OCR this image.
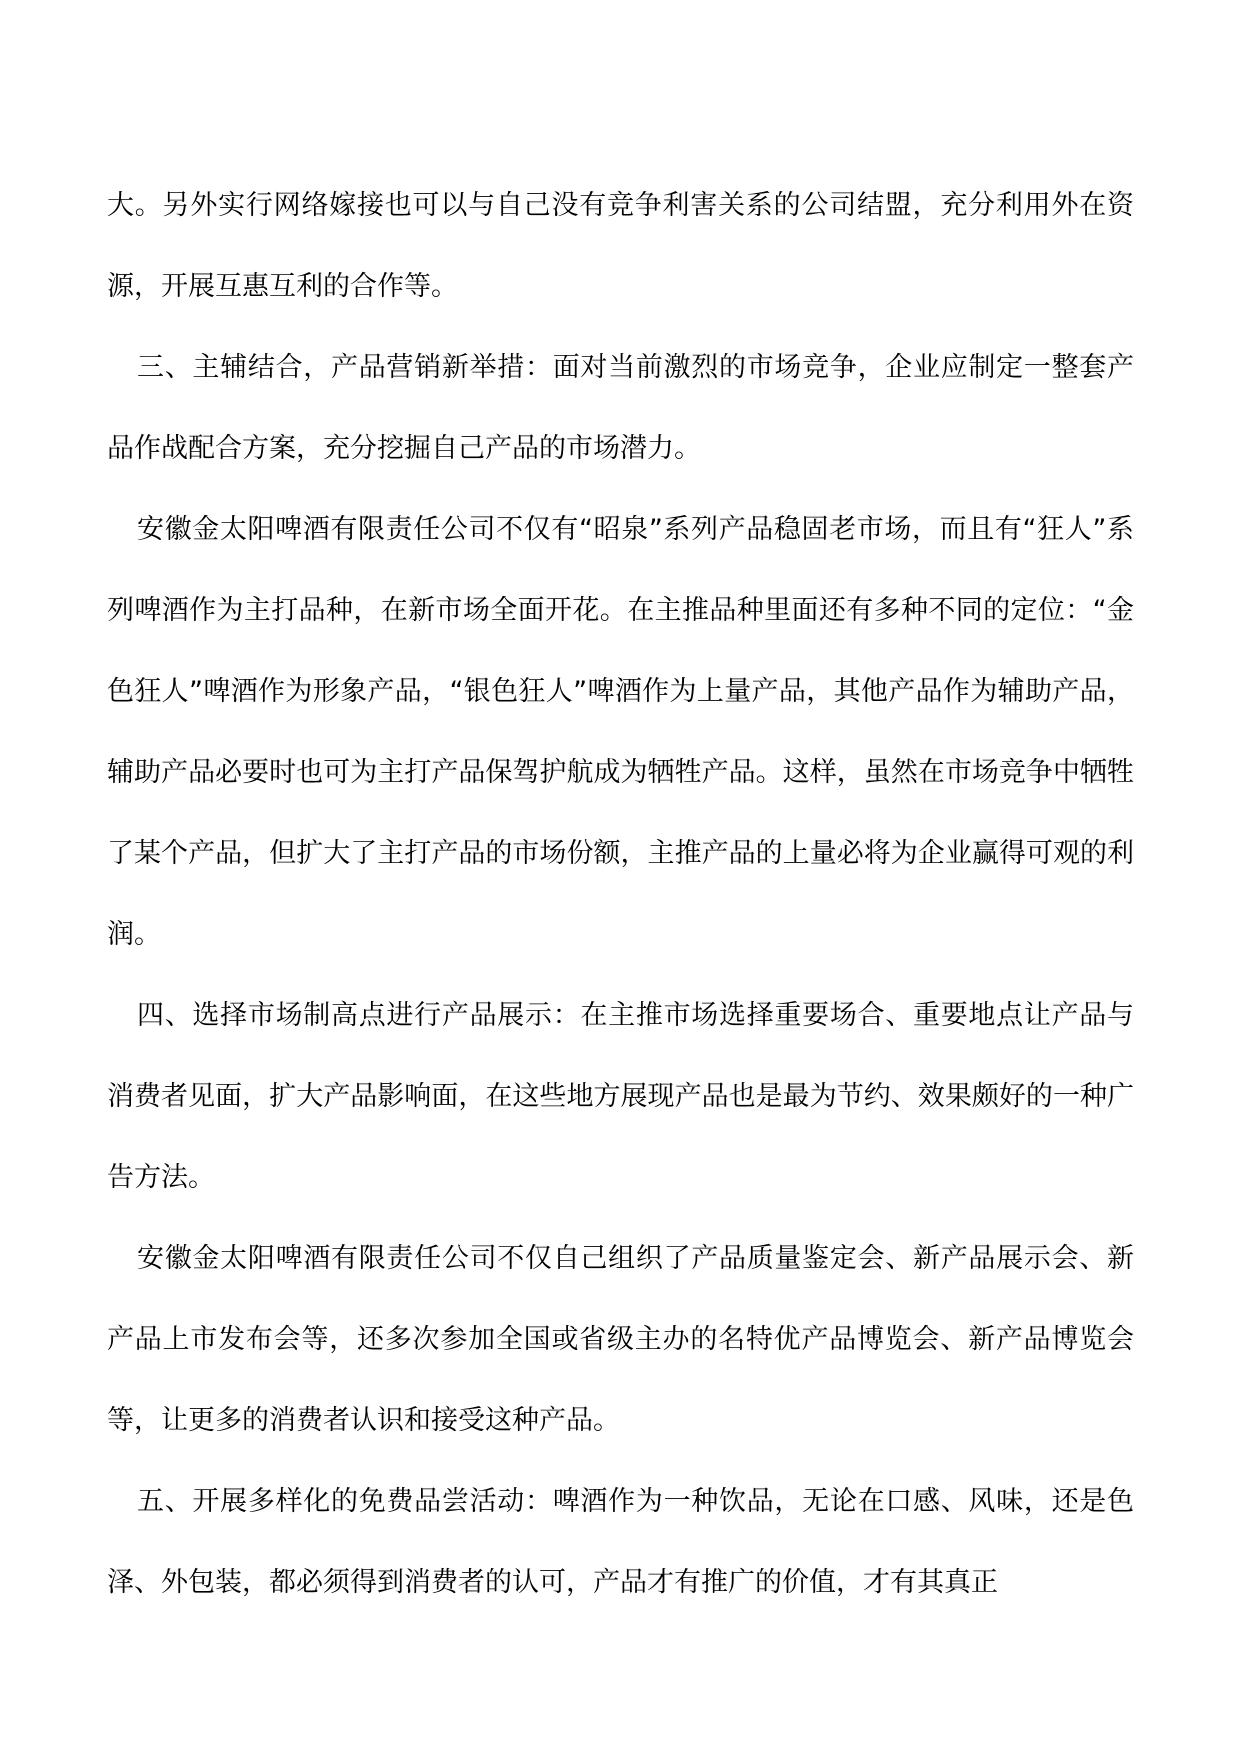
大。另外实行网络嫁接也可以与自己没有竞争利害关系的公司结盟，充分利用外在资源，开展互惠互利的合作等。

三、主辅结合，产品营销新举措：面对当前激烈的市场竞争，企业应制定一整套产品作战配合方案，充分挖掘自己产品的市场潜力。

安徽金太阳啤酒有限责任公司不仅有“昭泉”系列产品稳固老市场，而且有“狂人”系列啤酒作为主打品种，在新市场全面开花。在主推品种里面还有多种不同的定位：“金色狂人”啤酒作为形象产品，“银色狂人”啤酒作为上量产品，其他产品作为辅助产品，辅助产品必要时也可为主打产品保驾护航成为牺牲产品。这样，虽然在市场竞争中牺牲了某个产品，但扩大了主打产品的市场份额，主推产品的上量必将为企业赢得可观的利润。

四、选择市场制高点进行产品展示：在主推市场选择重要场合、重要地点让产品与消费者见面，扩大产品影响面，在这些地方展现产品也是最为节约、效果颇好的一种广告方法。

安徽金太阳啤酒有限责任公司不仅自己组织了产品质量鉴定会、新产品展示会、新产品上市发布会等，还多次参加全国或省级主办的名特优产品博览会、新产品博览会等，让更多的消费者认识和接受这种产品。

五、开展多样化的免费品尝活动：啤酒作为一种饮品，无论在口感、风味，还是色泽、外包装，都必须得到消费者的认可，产品才有推广的价值，才有其真正
